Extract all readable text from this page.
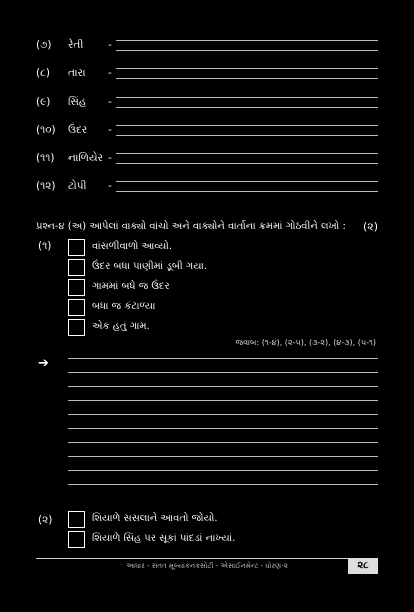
(૭) રેતી -
(૮) તારા -
(૯) સિંહ -
(૧૦) ઉંદર -
(૧૧) નાળિયેર -
(૧૨) ટોપી -
પ્રશ્ન-૪ (અ) આપેલાં વાક્યો વાંચો અને વાક્યોને વાર્તાના ક્રમમાં ગોઠવીને લખો : (૨)
(૧)	વાંસળીવાળો આવ્યો.
ઉંદર બધા પાણીમાં ડૂબી ગયા.
ગામમાં બધે જ ઉંદર
બધા જ કંટાળ્યા
એક હતું ગામ.
જવાબ: (૧-૪), (૨-૫), (૩-૨), (૪-૩), (૫-૧)
➔
(૨)	શિયાળે સસલાને આવતો જોયો.
શિયાળે સિંહ પર સૂકાં પાંદડાં નાખ્યાં.
આધાર - સતત મૂલ્યાંકનકસોટી - એસાઈનમેન્ટ - ધોરણ-૨	૨૮
